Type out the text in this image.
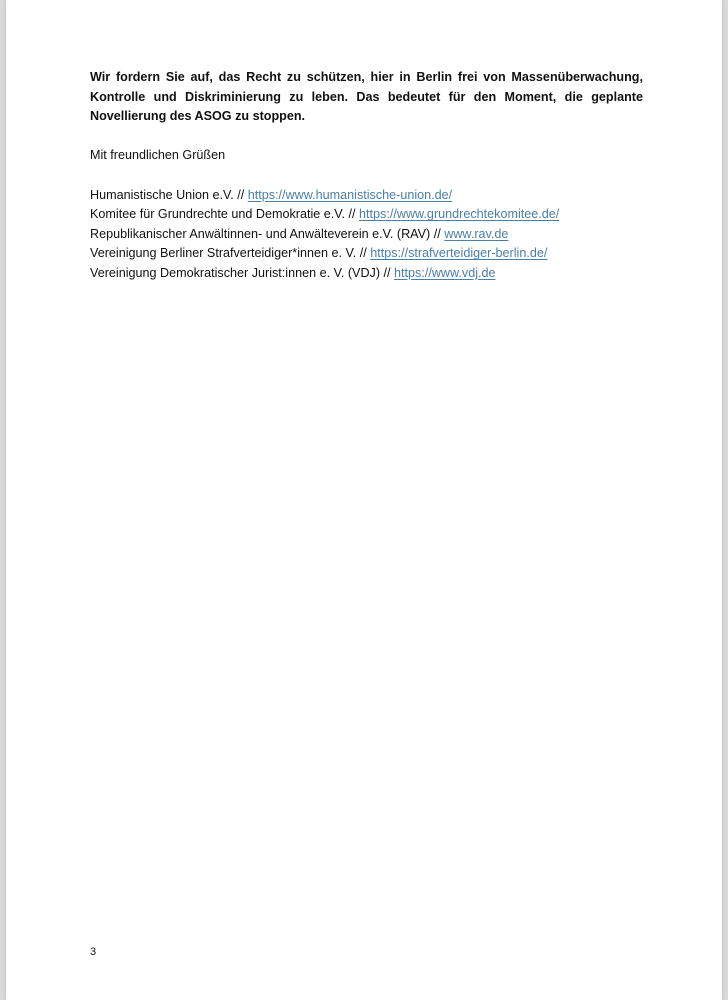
Wir fordern Sie auf, das Recht zu schützen, hier in Berlin frei von Massenüberwachung, Kontrolle und Diskriminierung zu leben. Das bedeutet für den Moment, die geplante Novellierung des ASOG zu stoppen.

Mit freundlichen Grüßen

Humanistische Union e.V. // https://www.humanistische-union.de/
Komitee für Grundrechte und Demokratie e.V. // https://www.grundrechtekomitee.de/
Republikanischer Anwältinnen- und Anwälteverein e.V. (RAV) // www.rav.de
Vereinigung Berliner Strafverteidiger*innen e. V. // https://strafverteidiger-berlin.de/
Vereinigung Demokratischer Jurist:innen e. V. (VDJ) // https://www.vdj.de
3
